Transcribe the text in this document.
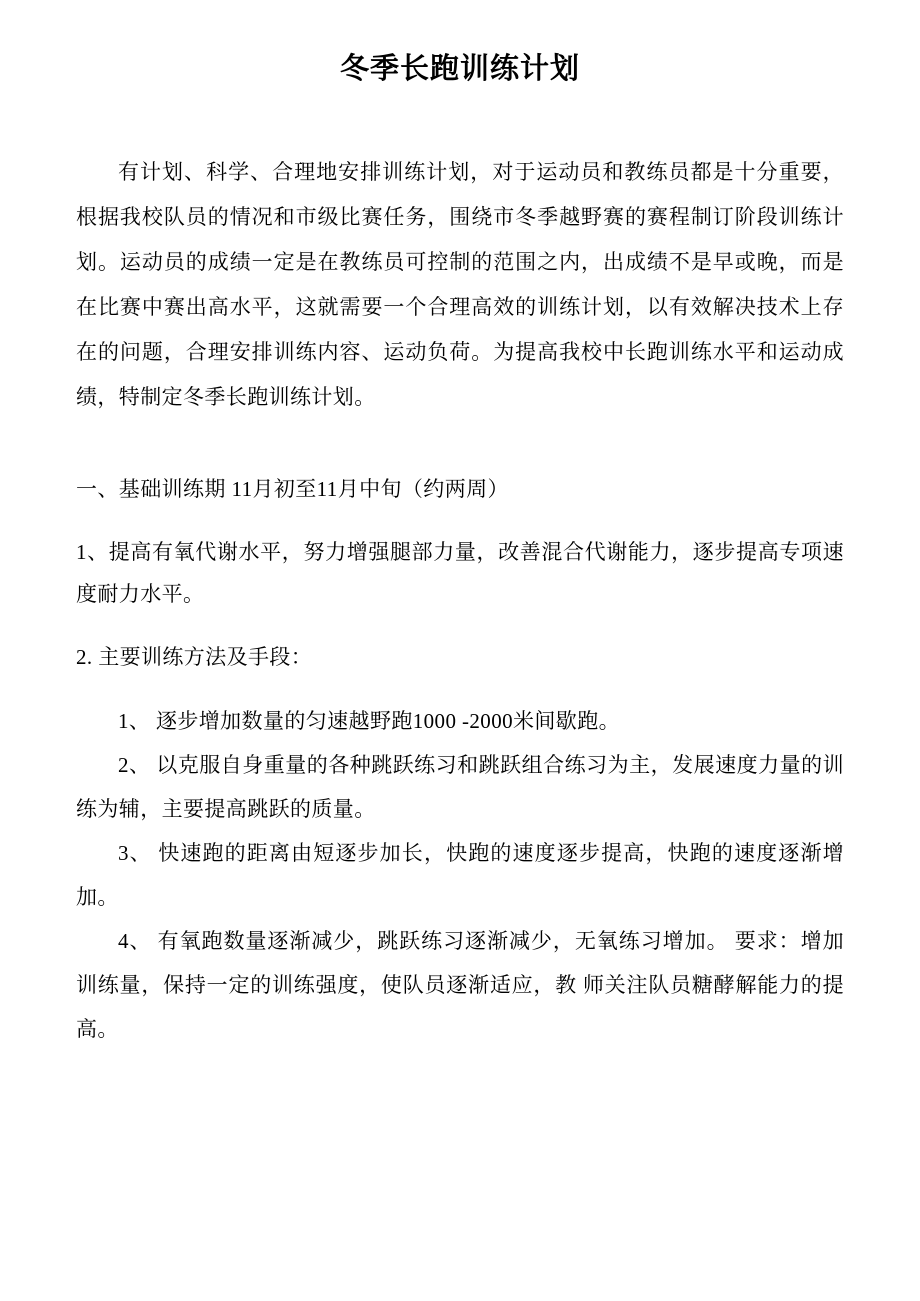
冬季长跑训练计划

有计划、科学、合理地安排训练计划，对于运动员和教练员都是十分重要，根据我校队员的情况和市级比赛任务，围绕市冬季越野赛的赛程制订阶段训练计划。运动员的成绩一定是在教练员可控制的范围之内，出成绩不是早或晚，而是在比赛中赛出高水平，这就需要一个合理高效的训练计划，以有效解决技术上存在的问题，合理安排训练内容、运动负荷。为提高我校中长跑训练水平和运动成绩，特制定冬季长跑训练计划。

一、基础训练期 11月初至11月中旬（约两周）

1、提高有氧代谢水平，努力增强腿部力量，改善混合代谢能力，逐步提高专项速度耐力水平。

2. 主要训练方法及手段：

1、 逐步增加数量的匀速越野跑1000 -2000米间歇跑。
2、 以克服自身重量的各种跳跃练习和跳跃组合练习为主，发展速度力量的训练为辅，主要提高跳跃的质量。
3、 快速跑的距离由短逐步加长，快跑的速度逐步提高，快跑的速度逐渐增加。
4、 有氧跑数量逐渐减少，跳跃练习逐渐减少，无氧练习增加。 要求：增加训练量，保持一定的训练强度，使队员逐渐适应，教 师关注队员糖酵解能力的提高。
